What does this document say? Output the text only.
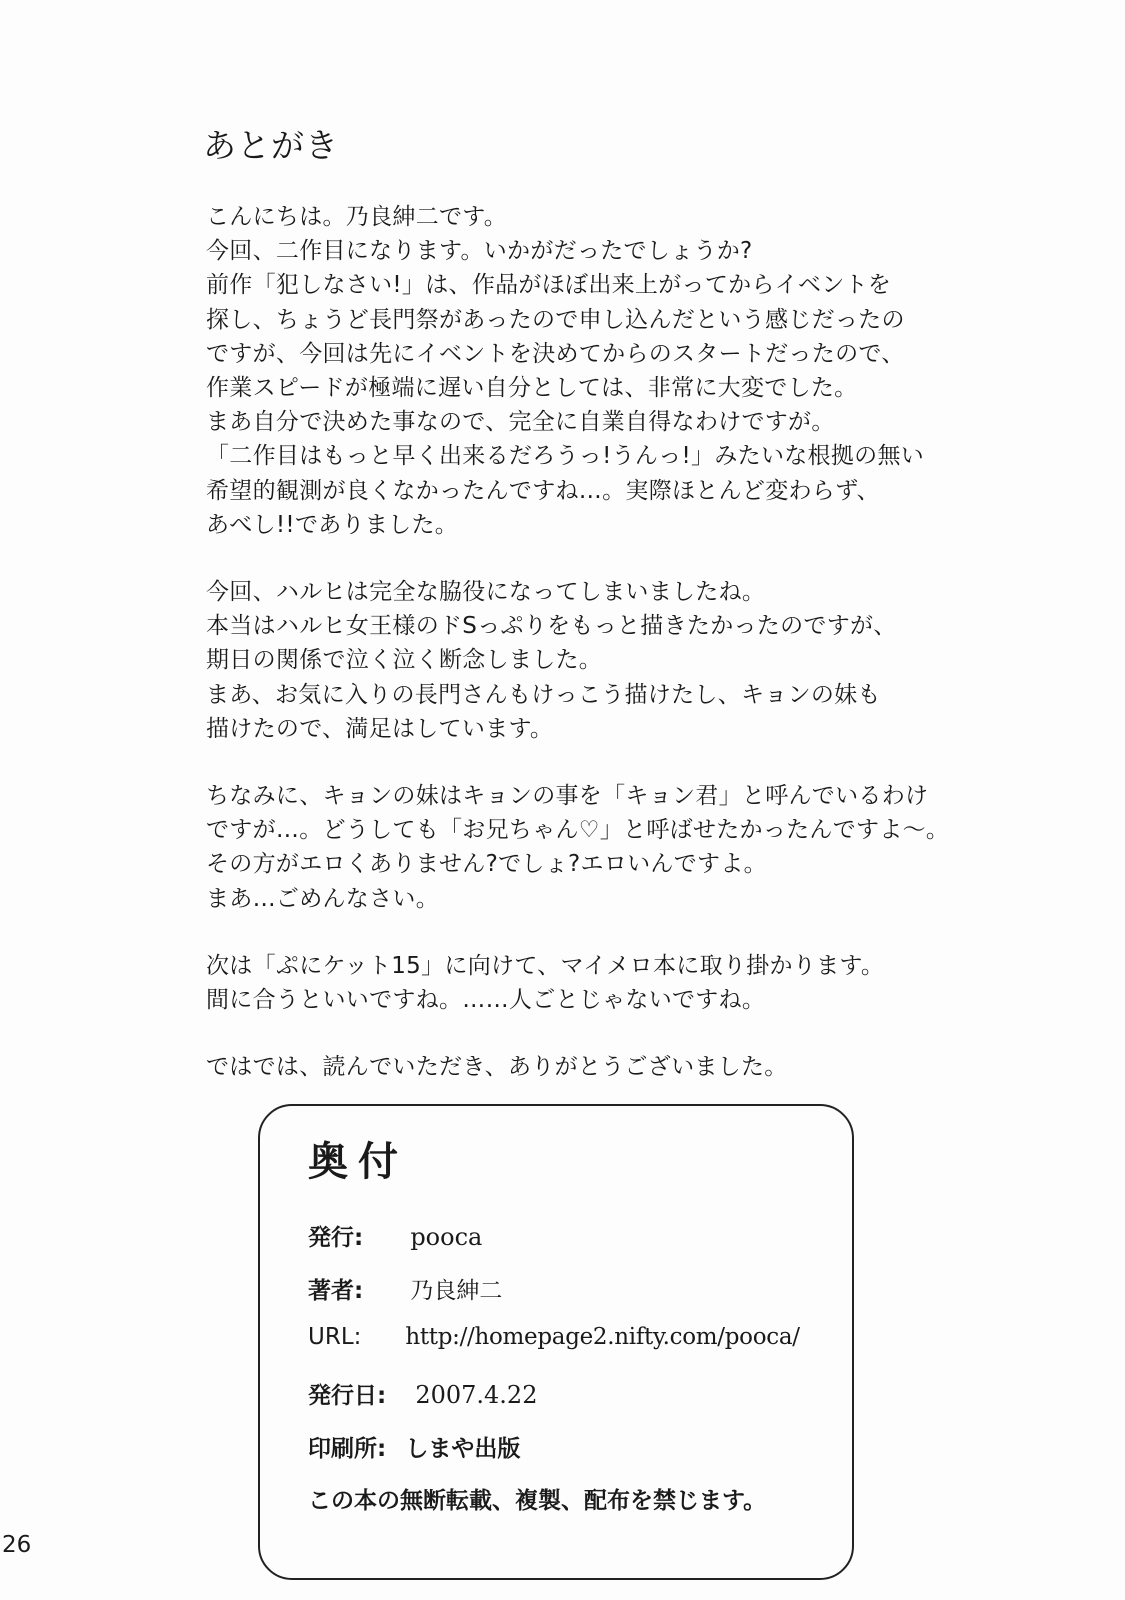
あとがき
こんにちは。乃良紳二です。
今回、二作目になります。いかがだったでしょうか?
前作「犯しなさい!」は、作品がほぼ出来上がってからイベントを
探し、ちょうど長門祭があったので申し込んだという感じだったの
ですが、今回は先にイベントを決めてからのスタートだったので、
作業スピードが極端に遅い自分としては、非常に大変でした。
まあ自分で決めた事なので、完全に自業自得なわけですが。
「二作目はもっと早く出来るだろうっ!うんっ!」みたいな根拠の無い
希望的観測が良くなかったんですね…。実際ほとんど変わらず、
あべし!!でありました。
今回、ハルヒは完全な脇役になってしまいましたね。
本当はハルヒ女王様のドSっぷりをもっと描きたかったのですが、
期日の関係で泣く泣く断念しました。
まあ、お気に入りの長門さんもけっこう描けたし、キョンの妹も
描けたので、満足はしています。
ちなみに、キョンの妹はキョンの事を「キョン君」と呼んでいるわけ
ですが…。どうしても「お兄ちゃん♡」と呼ばせたかったんですよ〜。
その方がエロくありません?でしょ?エロいんですよ。
まあ…ごめんなさい。
次は「ぷにケット15」に向けて、マイメロ本に取り掛かります。
間に合うといいですね。……人ごとじゃないですね。
ではでは、読んでいただき、ありがとうございました。
奥付
発行: pooca
著者: 乃良紳二
URL: http://homepage2.nifty.com/pooca/
発行日: 2007.4.22
印刷所: しまや出版
この本の無断転載、複製、配布を禁じます。
26
